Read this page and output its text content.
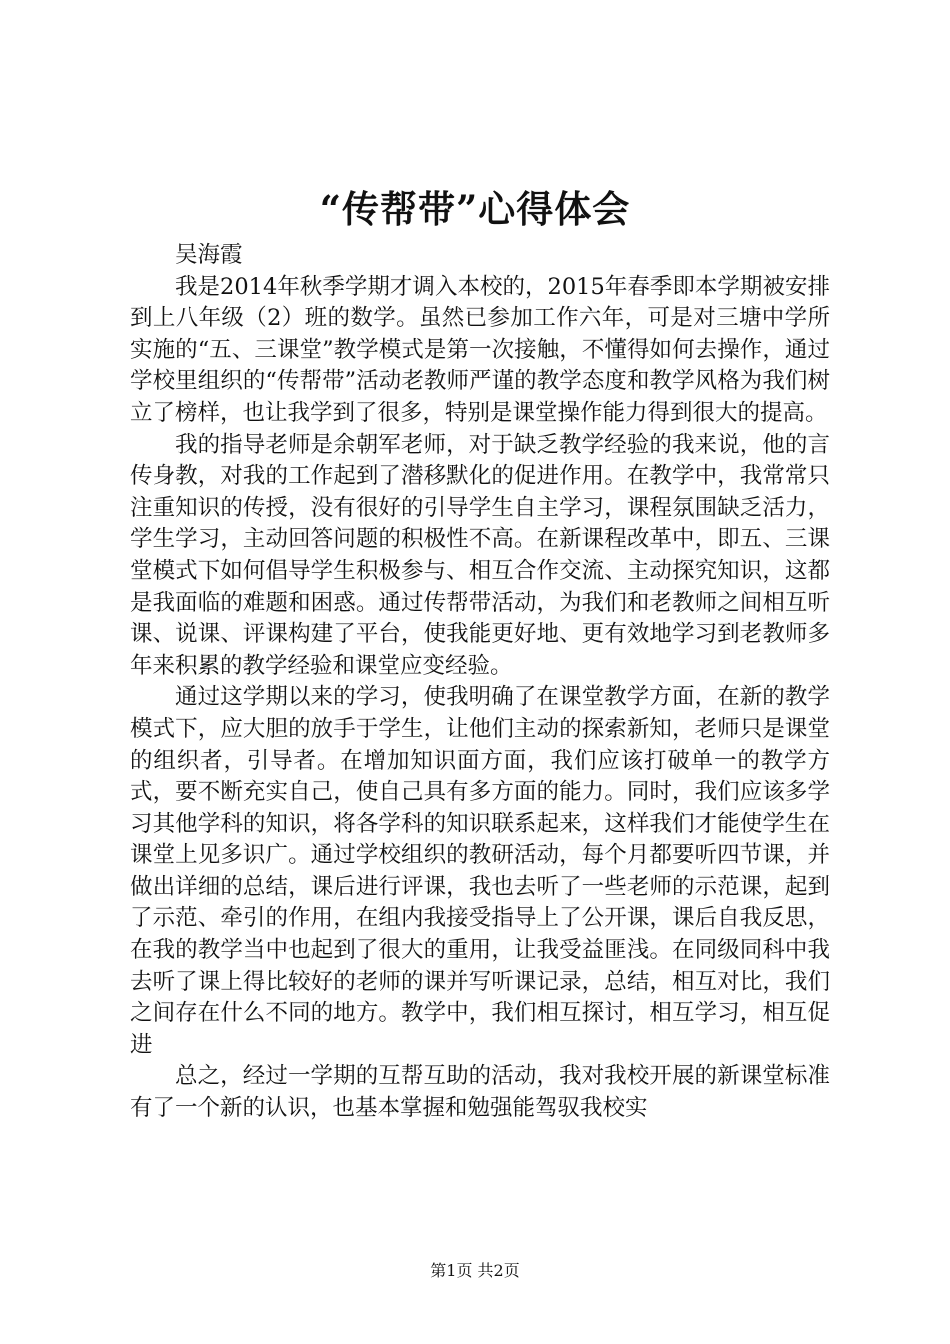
“传帮带”心得体会

吴海霞

我是2014年秋季学期才调入本校的，2015年春季即本学期被安排到上八年级（2）班的数学。虽然已参加工作六年，可是对三塘中学所实施的“五、三课堂”教学模式是第一次接触，不懂得如何去操作，通过学校里组织的“传帮带”活动老教师严谨的教学态度和教学风格为我们树立了榜样，也让我学到了很多，特别是课堂操作能力得到很大的提高。

我的指导老师是余朝军老师，对于缺乏教学经验的我来说，他的言传身教，对我的工作起到了潜移默化的促进作用。在教学中，我常常只注重知识的传授，没有很好的引导学生自主学习，课程氛围缺乏活力，学生学习，主动回答问题的积极性不高。在新课程改革中，即五、三课堂模式下如何倡导学生积极参与、相互合作交流、主动探究知识，这都是我面临的难题和困惑。通过传帮带活动，为我们和老教师之间相互听课、说课、评课构建了平台，使我能更好地、更有效地学习到老教师多年来积累的教学经验和课堂应变经验。

通过这学期以来的学习，使我明确了在课堂教学方面，在新的教学模式下，应大胆的放手于学生，让他们主动的探索新知，老师只是课堂的组织者，引导者。在增加知识面方面，我们应该打破单一的教学方式，要不断充实自己，使自己具有多方面的能力。同时，我们应该多学习其他学科的知识，将各学科的知识联系起来，这样我们才能使学生在课堂上见多识广。通过学校组织的教研活动，每个月都要听四节课，并做出详细的总结，课后进行评课，我也去听了一些老师的示范课，起到了示范、牵引的作用，在组内我接受指导上了公开课，课后自我反思，在我的教学当中也起到了很大的重用，让我受益匪浅。在同级同科中我去听了课上得比较好的老师的课并写听课记录，总结，相互对比，我们之间存在什么不同的地方。教学中，我们相互探讨，相互学习，相互促进

总之，经过一学期的互帮互助的活动，我对我校开展的新课堂标准有了一个新的认识，也基本掌握和勉强能驾驭我校实

第1页 共2页
